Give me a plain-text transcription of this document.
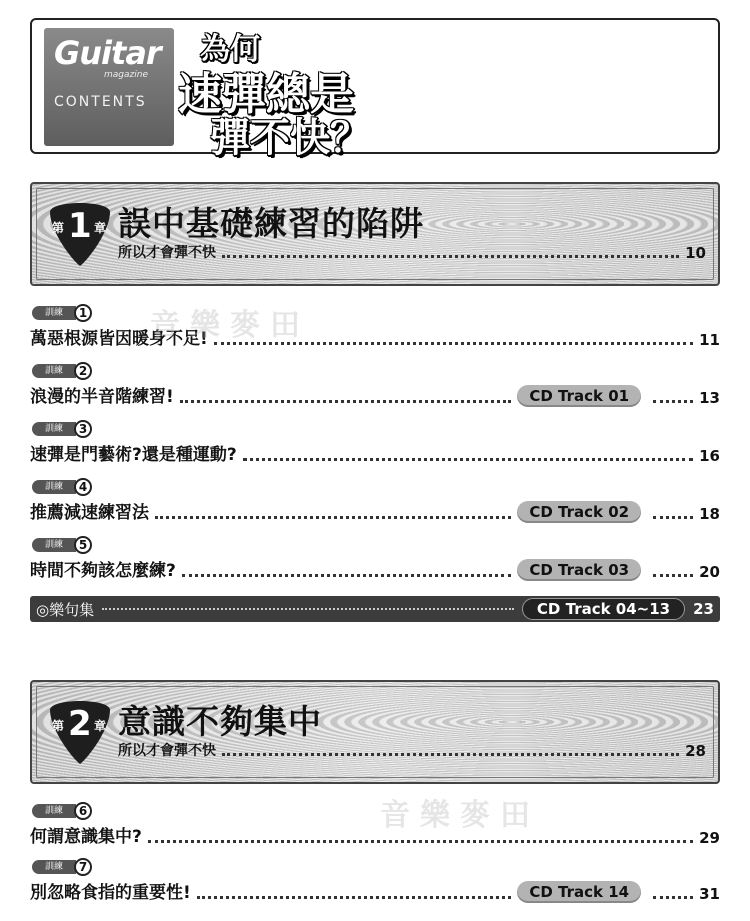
Guitar
magazine
CONTENTS
為何
速彈總是
彈不快？
第 1 章 誤中基礎練習的陷阱
所以才會彈不快	10
訓練	1
萬惡根源皆因暖身不足!	11
訓練	2
浪漫的半音階練習!	CD Track 01	13
訓練	3
速彈是門藝術?還是種運動?	16
訓練	4
推薦減速練習法	CD Track 02	18
訓練	5
時間不夠該怎麼練?	CD Track 03	20
◎樂句集	CD Track 04~13	23
第 2 章 意識不夠集中
所以才會彈不快	28
訓練	6
何謂意識集中?	29
訓練	7
別忽略食指的重要性!	CD Track 14	31
音樂麥田
音樂麥田
